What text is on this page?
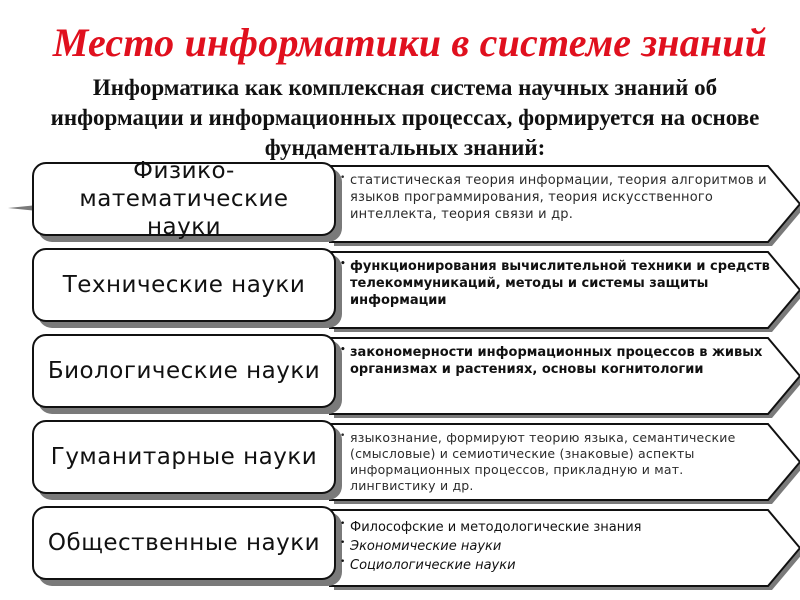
Место информатики в системе знаний
Информатика как комплексная система научных знаний об информации и информационных процессах, формируется на основе фундаментальных знаний:
Физико-математические науки
• статистическая теория информации, теория алгоритмов и языков программирования, теория искусственного интеллекта, теория связи и др.
Технические науки
• функционирования вычислительной техники и средств телекоммуникаций, методы и системы защиты информации
Биологические науки
• закономерности информационных процессов в живых организмах и растениях, основы когнитологии
Гуманитарные науки
• языкознание, формируют теорию языка, семантические (смысловые) и семиотические (знаковые) аспекты информационных процессов, прикладную и мат. лингвистику и др.
Общественные науки
• Философские и методологические знания
• Экономические науки
• Социологические науки
